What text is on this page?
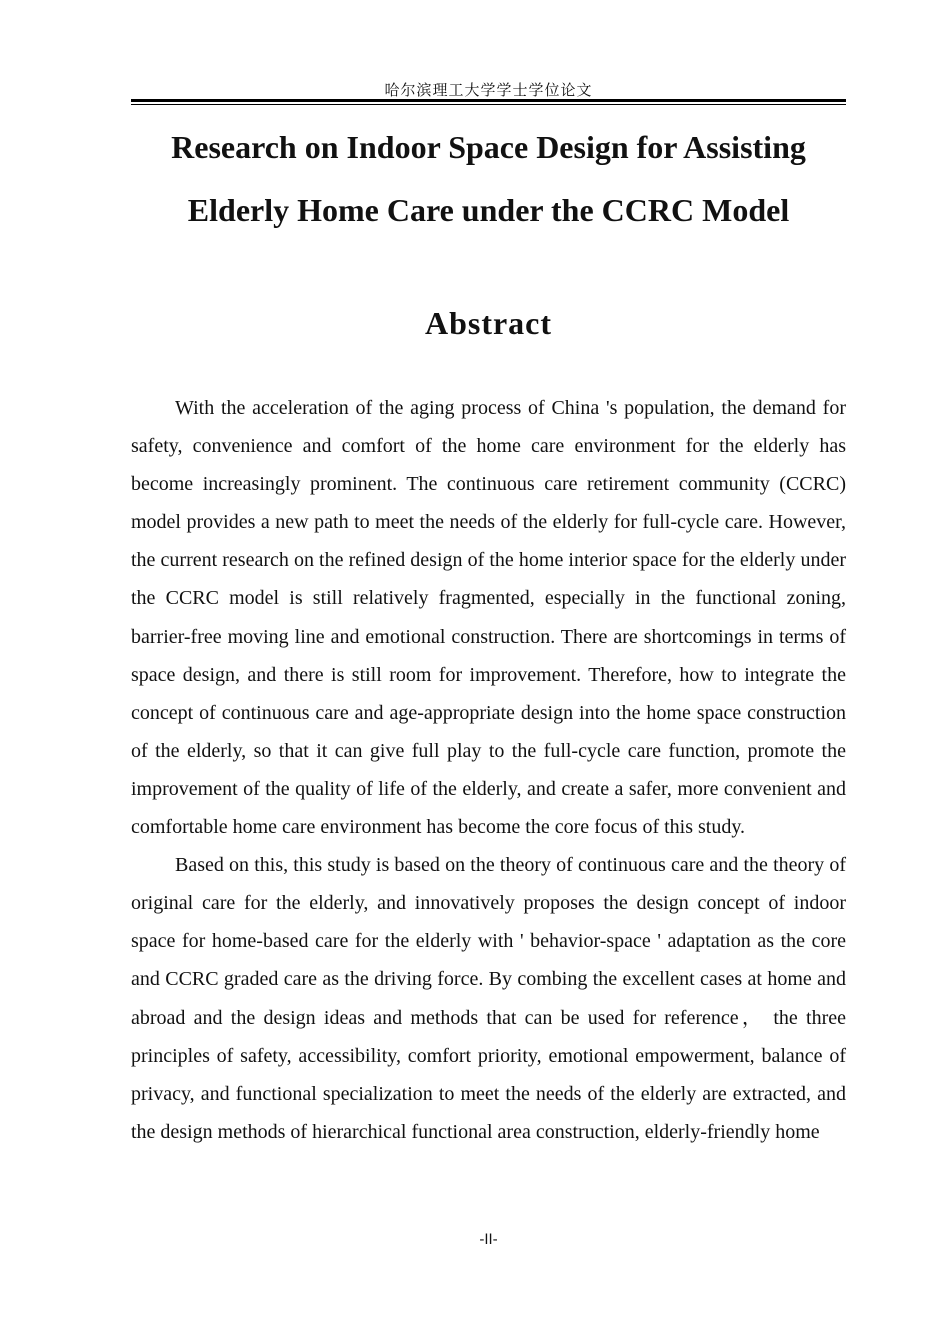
哈尔滨理工大学学士学位论文
Research on Indoor Space Design for Assisting
Elderly Home Care under the CCRC Model
Abstract

With the acceleration of the aging process of China 's population, the demand for safety, convenience and comfort of the home care environment for the elderly has become increasingly prominent. The continuous care retirement community (CCRC) model provides a new path to meet the needs of the elderly for full-cycle care. However, the current research on the refined design of the home interior space for the elderly under the CCRC model is still relatively fragmented, especially in the functional zoning, barrier-free moving line and emotional construction. There are shortcomings in terms of space design, and there is still room for improvement. Therefore, how to integrate the concept of continuous care and age-appropriate design into the home space construction of the elderly, so that it can give full play to the full-cycle care function, promote the improvement of the quality of life of the elderly, and create a safer, more convenient and comfortable home care environment has become the core focus of this study.

Based on this, this study is based on the theory of continuous care and the theory of original care for the elderly, and innovatively proposes the design concept of indoor space for home-based care for the elderly with ' behavior-space ' adaptation as the core and CCRC graded care as the driving force. By combing the excellent cases at home and abroad and the design ideas and methods that can be used for reference， the three principles of safety, accessibility, comfort priority, emotional empowerment, balance of privacy, and functional specialization to meet the needs of the elderly are extracted, and the design methods of hierarchical functional area construction, elderly-friendly home

-II-
